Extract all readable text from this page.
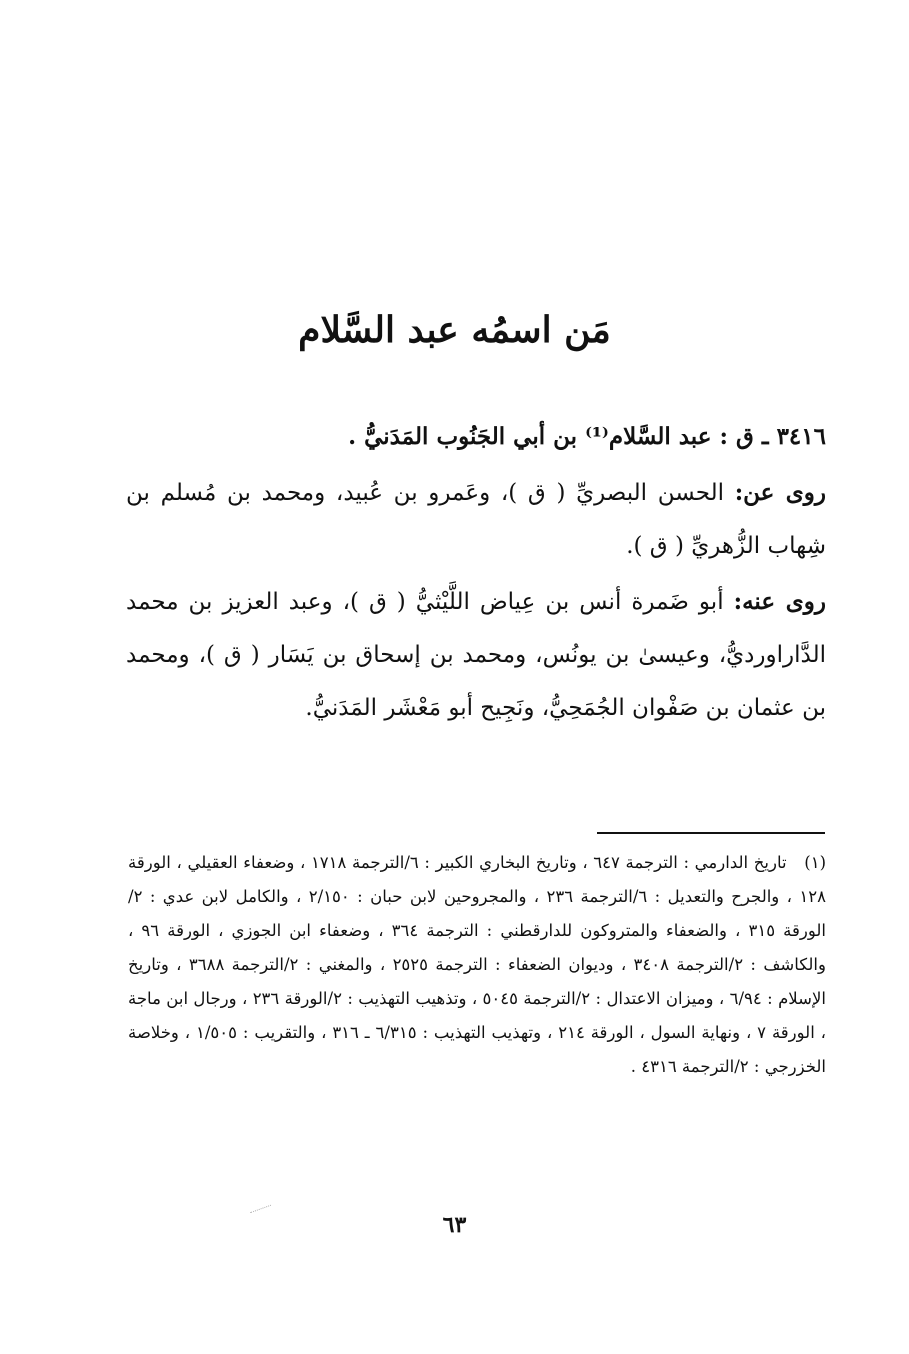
مَن اسمُه عبد السَّلام

٣٤١٦ ـ ق : عبد السَّلام⁽¹⁾ بن أبي الجَنُوب المَدَنيُّ .

روى عن: الحسن البصريِّ ( ق )، وعَمرو بن عُبيد، ومحمد بن مُسلم بن شِهاب الزُّهريِّ ( ق ).

روى عنه: أبو ضَمرة أنس بن عِياض اللَّيْثيُّ ( ق )، وعبد العزيز بن محمد الدَّاراورديُّ، وعيسىٰ بن يونُس، ومحمد بن إسحاق بن يَسَار ( ق )، ومحمد بن عثمان بن صَفْوان الجُمَحِيُّ، ونَجِيح أبو مَعْشَر المَدَنيُّ.

(١) تاريخ الدارمي : الترجمة ٦٤٧ ، وتاريخ البخاري الكبير : ٦/الترجمة ١٧١٨ ، وضعفاء العقيلي ، الورقة ١٢٨ ، والجرح والتعديل : ٦/الترجمة ٢٣٦ ، والمجروحين لابن حبان : ٢/١٥٠ ، والكامل لابن عدي : ٢/الورقة ٣١٥ ، والضعفاء والمتروكون للدارقطني : الترجمة ٣٦٤ ، وضعفاء ابن الجوزي ، الورقة ٩٦ ، والكاشف : ٢/الترجمة ٣٤٠٨ ، وديوان الضعفاء : الترجمة ٢٥٢٥ ، والمغني : ٢/الترجمة ٣٦٨٨ ، وتاريخ الإسلام : ٦/٩٤ ، وميزان الاعتدال : ٢/الترجمة ٥٠٤٥ ، وتذهيب التهذيب : ٢/الورقة ٢٣٦ ، ورجال ابن ماجة ، الورقة ٧ ، ونهاية السول ، الورقة ٢١٤ ، وتهذيب التهذيب : ٦/٣١٥ ـ ٣١٦ ، والتقريب : ١/٥٠٥ ، وخلاصة الخزرجي : ٢/الترجمة ٤٣١٦ .
٦٣
